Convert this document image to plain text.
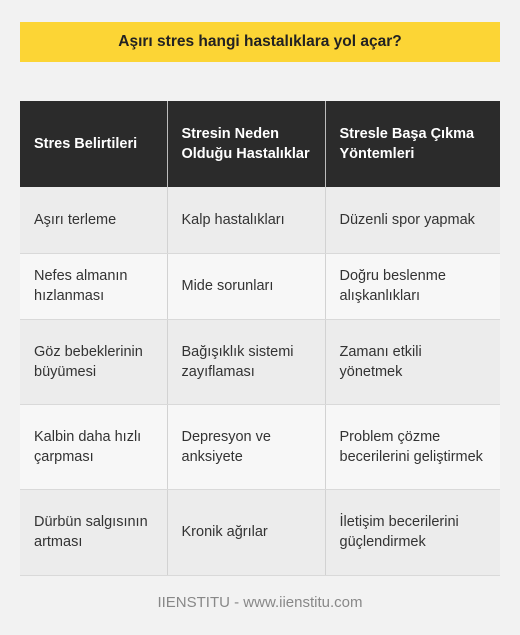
Aşırı stres hangi hastalıklara yol açar?
Stres Belirtileri	Stresin Neden Olduğu Hastalıklar	Stresle Başa Çıkma Yöntemleri
Aşırı terleme	Kalp hastalıkları	Düzenli spor yapmak
Nefes almanın hızlanması	Mide sorunları	Doğru beslenme alışkanlıkları
Göz bebeklerinin büyümesi	Bağışıklık sistemi zayıflaması	Zamanı etkili yönetmek
Kalbin daha hızlı çarpması	Depresyon ve anksiyete	Problem çözme becerilerini geliştirmek
Dürbün salgısının artması	Kronik ağrılar	İletişim becerilerini güçlendirmek
IIENSTITU - www.iienstitu.com
